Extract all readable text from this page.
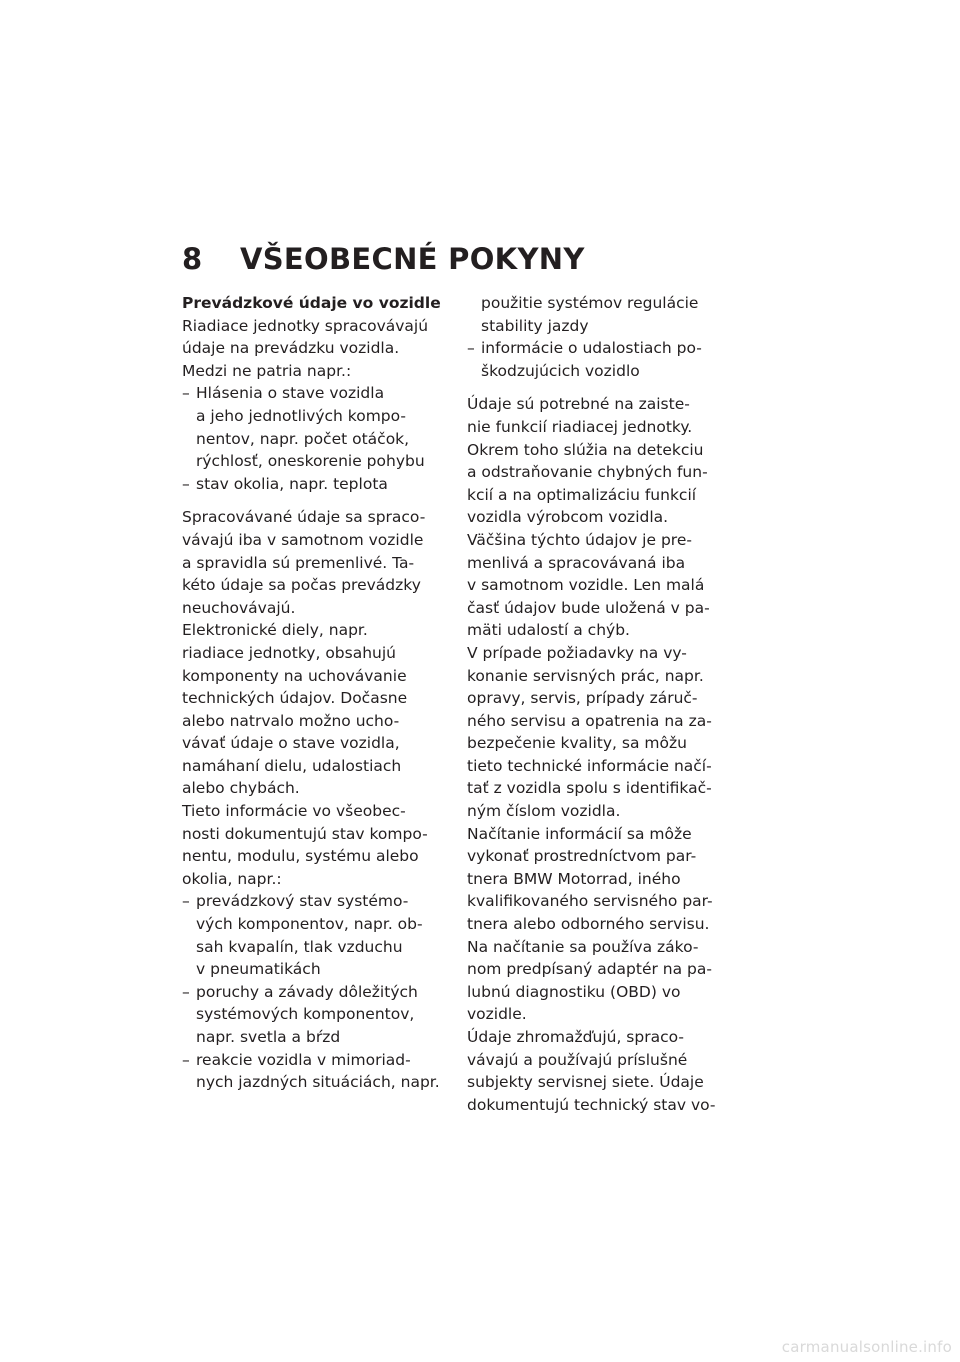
8 VŠEOBECNÉ POKYNY
Prevádzkové údaje vo vozidle
Riadiace jednotky spracovávajú
údaje na prevádzku vozidla.
Medzi ne patria napr.:
– Hlásenia o stave vozidla
a jeho jednotlivých kompo-
nentov, napr. počet otáčok,
rýchlosť, oneskorenie pohybu
– stav okolia, napr. teplota
Spracovávané údaje sa spraco-
vávajú iba v samotnom vozidle
a spravidla sú premenlivé. Ta-
kéto údaje sa počas prevádzky
neuchovávajú.
Elektronické diely, napr.
riadiace jednotky, obsahujú
komponenty na uchovávanie
technických údajov. Dočasne
alebo natrvalo možno ucho-
vávať údaje o stave vozidla,
namáhaní dielu, udalostiach
alebo chybách.
Tieto informácie vo všeobec-
nosti dokumentujú stav kompo-
nentu, modulu, systému alebo
okolia, napr.:
– prevádzkový stav systémo-
vých komponentov, napr. ob-
sah kvapalín, tlak vzduchu
v pneumatikách
– poruchy a závady dôležitých
systémových komponentov,
napr. svetla a bŕzd
– reakcie vozidla v mimoriad-
nych jazdných situáciách, napr.
použitie systémov regulácie
stability jazdy
– informácie o udalostiach po-
škodzujúcich vozidlo
Údaje sú potrebné na zaiste-
nie funkcií riadiacej jednotky.
Okrem toho slúžia na detekciu
a odstraňovanie chybných fun-
kcií a na optimalizáciu funkcií
vozidla výrobcom vozidla.
Väčšina týchto údajov je pre-
menlivá a spracovávaná iba
v samotnom vozidle. Len malá
časť údajov bude uložená v pa-
mäti udalostí a chýb.
V prípade požiadavky na vy-
konanie servisných prác, napr.
opravy, servis, prípady záruč-
ného servisu a opatrenia na za-
bezpečenie kvality, sa môžu
tieto technické informácie načí-
tať z vozidla spolu s identifikač-
ným číslom vozidla.
Načítanie informácií sa môže
vykonať prostredníctvom par-
tnera BMW Motorrad, iného
kvalifikovaného servisného par-
tnera alebo odborného servisu.
Na načítanie sa používa záko-
nom predpísaný adaptér na pa-
lubnú diagnostiku (OBD) vo
vozidle.
Údaje zhromažďujú, spraco-
vávajú a používajú príslušné
subjekty servisnej siete. Údaje
dokumentujú technický stav vo-
carmanualsonline.info
